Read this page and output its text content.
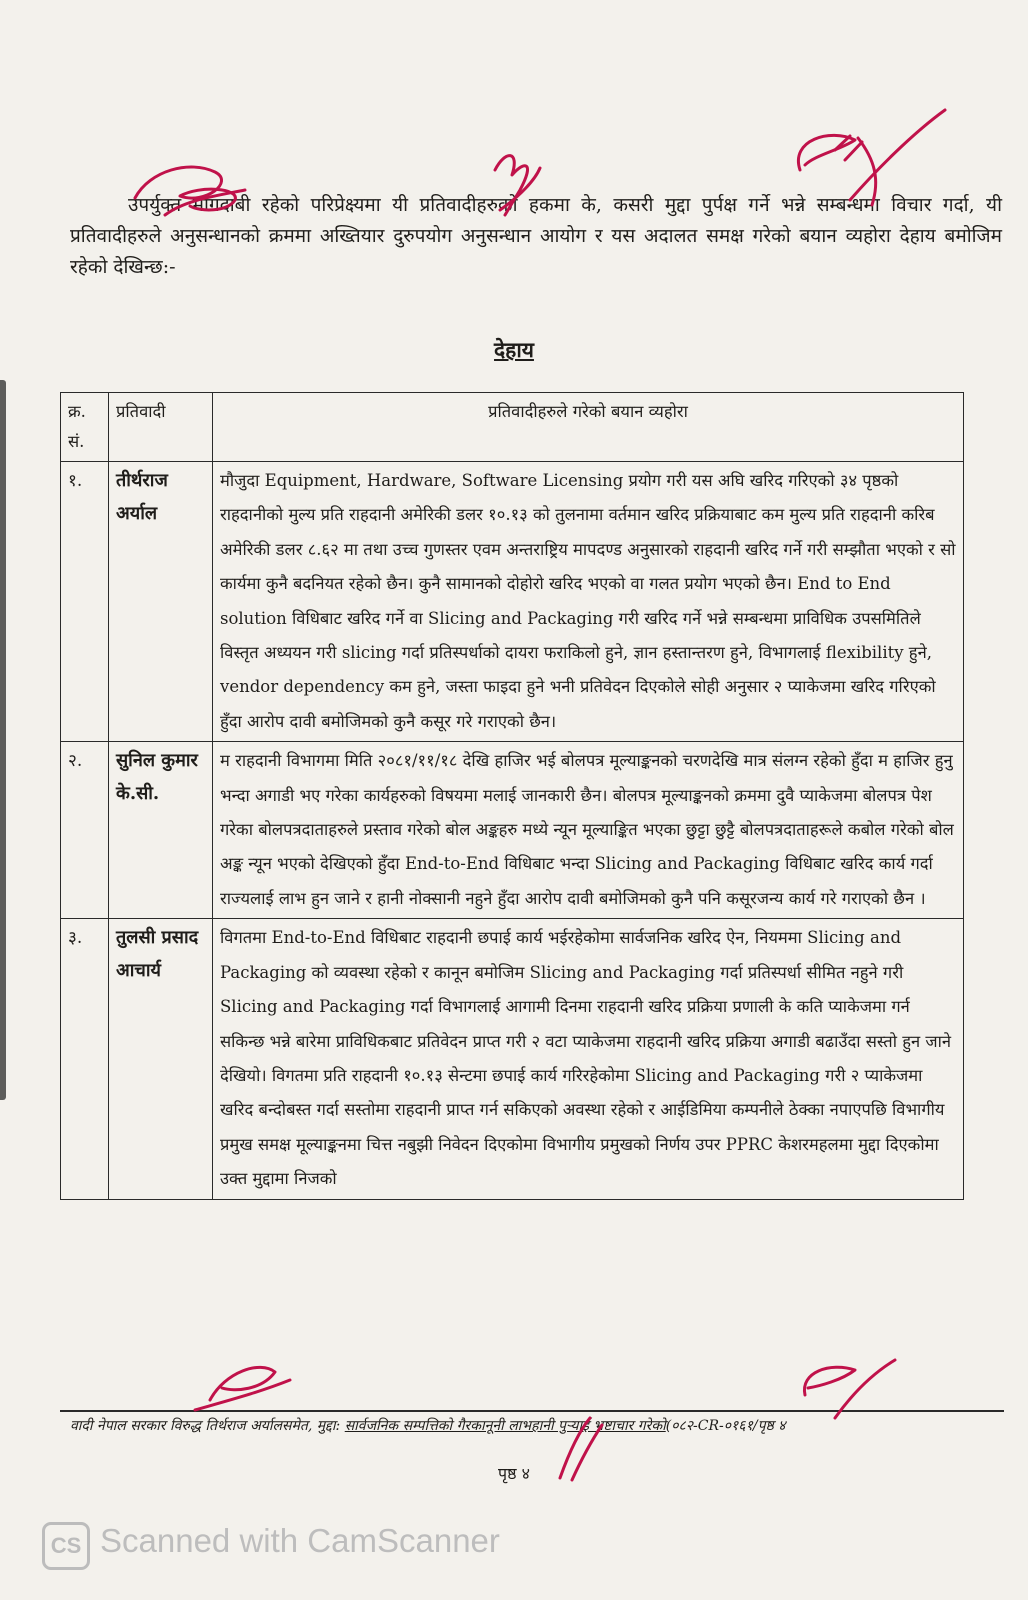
उपर्युक्त मागदाबी रहेको परिप्रेक्ष्यमा यी प्रतिवादीहरुको हकमा के, कसरी मुद्दा पुर्पक्ष गर्ने भन्ने सम्बन्धमा विचार गर्दा, यी प्रतिवादीहरुले अनुसन्धानको क्रममा अख्तियार दुरुपयोग अनुसन्धान आयोग र यस अदालत समक्ष गरेको बयान व्यहोरा देहाय बमोजिम रहेको देखिन्छ:-

देहाय
क्र. सं.	प्रतिवादी	प्रतिवादीहरुले गरेको बयान व्यहोरा
१.	तीर्थराज अर्याल	मौजुदा Equipment, Hardware, Software Licensing प्रयोग गरी यस अघि खरिद गरिएको ३४ पृष्ठको राहदानीको मुल्य प्रति राहदानी अमेरिकी डलर १०.१३ को तुलनामा वर्तमान खरिद प्रक्रियाबाट कम मुल्य प्रति राहदानी करिब अमेरिकी डलर ८.६२ मा तथा उच्च गुणस्तर एवम अन्तराष्ट्रिय मापदण्ड अनुसारको राहदानी खरिद गर्ने गरी सम्झौता भएको र सो कार्यमा कुनै बदनियत रहेको छैन। कुनै सामानको दोहोरो खरिद भएको वा गलत प्रयोग भएको छैन। End to End solution विधिबाट खरिद गर्ने वा Slicing and Packaging गरी खरिद गर्ने भन्ने सम्बन्धमा प्राविधिक उपसमितिले विस्तृत अध्ययन गरी slicing गर्दा प्रतिस्पर्धाको दायरा फराकिलो हुने, ज्ञान हस्तान्तरण हुने, विभागलाई flexibility हुने, vendor dependency कम हुने, जस्ता फाइदा हुने भनी प्रतिवेदन दिएकोले सोही अनुसार २ प्याकेजमा खरिद गरिएको हुँदा आरोप दावी बमोजिमको कुनै कसूर गरे गराएको छैन।
२.	सुनिल कुमार के.सी.	म राहदानी विभागमा मिति २०८१/११/१८ देखि हाजिर भई बोलपत्र मूल्याङ्कनको चरणदेखि मात्र संलग्न रहेको हुँदा म हाजिर हुनु भन्दा अगाडी भए गरेका कार्यहरुको विषयमा मलाई जानकारी छैन। बोलपत्र मूल्याङ्कनको क्रममा दुवै प्याकेजमा बोलपत्र पेश गरेका बोलपत्रदाताहरुले प्रस्ताव गरेको बोल अङ्कहरु मध्ये न्यून मूल्याङ्कित भएका छुट्टा छुट्टै बोलपत्रदाताहरूले कबोल गरेको बोल अङ्क न्यून भएको देखिएको हुँदा End-to-End विधिबाट भन्दा Slicing and Packaging विधिबाट खरिद कार्य गर्दा राज्यलाई लाभ हुन जाने र हानी नोक्सानी नहुने हुँदा आरोप दावी बमोजिमको कुनै पनि कसूरजन्य कार्य गरे गराएको छैन ।
३.	तुलसी प्रसाद आचार्य	विगतमा End-to-End विधिबाट राहदानी छपाई कार्य भईरहेकोमा सार्वजनिक खरिद ऐन, नियममा Slicing and Packaging को व्यवस्था रहेको र कानून बमोजिम Slicing and Packaging गर्दा प्रतिस्पर्धा सीमित नहुने गरी Slicing and Packaging गर्दा विभागलाई आगामी दिनमा राहदानी खरिद प्रक्रिया प्रणाली के कति प्याकेजमा गर्न सकिन्छ भन्ने बारेमा प्राविधिकबाट प्रतिवेदन प्राप्त गरी २ वटा प्याकेजमा राहदानी खरिद प्रक्रिया अगाडी बढाउँदा सस्तो हुन जाने देखियो। विगतमा प्रति राहदानी १०.१३ सेन्टमा छपाई कार्य गरिरहेकोमा Slicing and Packaging गरी २ प्याकेजमा खरिद बन्दोबस्त गर्दा सस्तोमा राहदानी प्राप्त गर्न सकिएको अवस्था रहेको र आईडिमिया कम्पनीले ठेक्का नपाएपछि विभागीय प्रमुख समक्ष मूल्याङ्कनमा चित्त नबुझी निवेदन दिएकोमा विभागीय प्रमुखको निर्णय उपर PPRC केशरमहलमा मुद्दा दिएकोमा उक्त मुद्दामा निजको
वादी नेपाल सरकार विरुद्ध तिर्थराज अर्यालसमेत, मुद्दा: सार्वजनिक सम्पत्तिको गैरकानूनी लाभहानी पुर्‍याई भ्रष्टाचार गरेको(०८२-CR-०१६१/पृष्ठ ४
पृष्ठ ४
CS Scanned with CamScanner
